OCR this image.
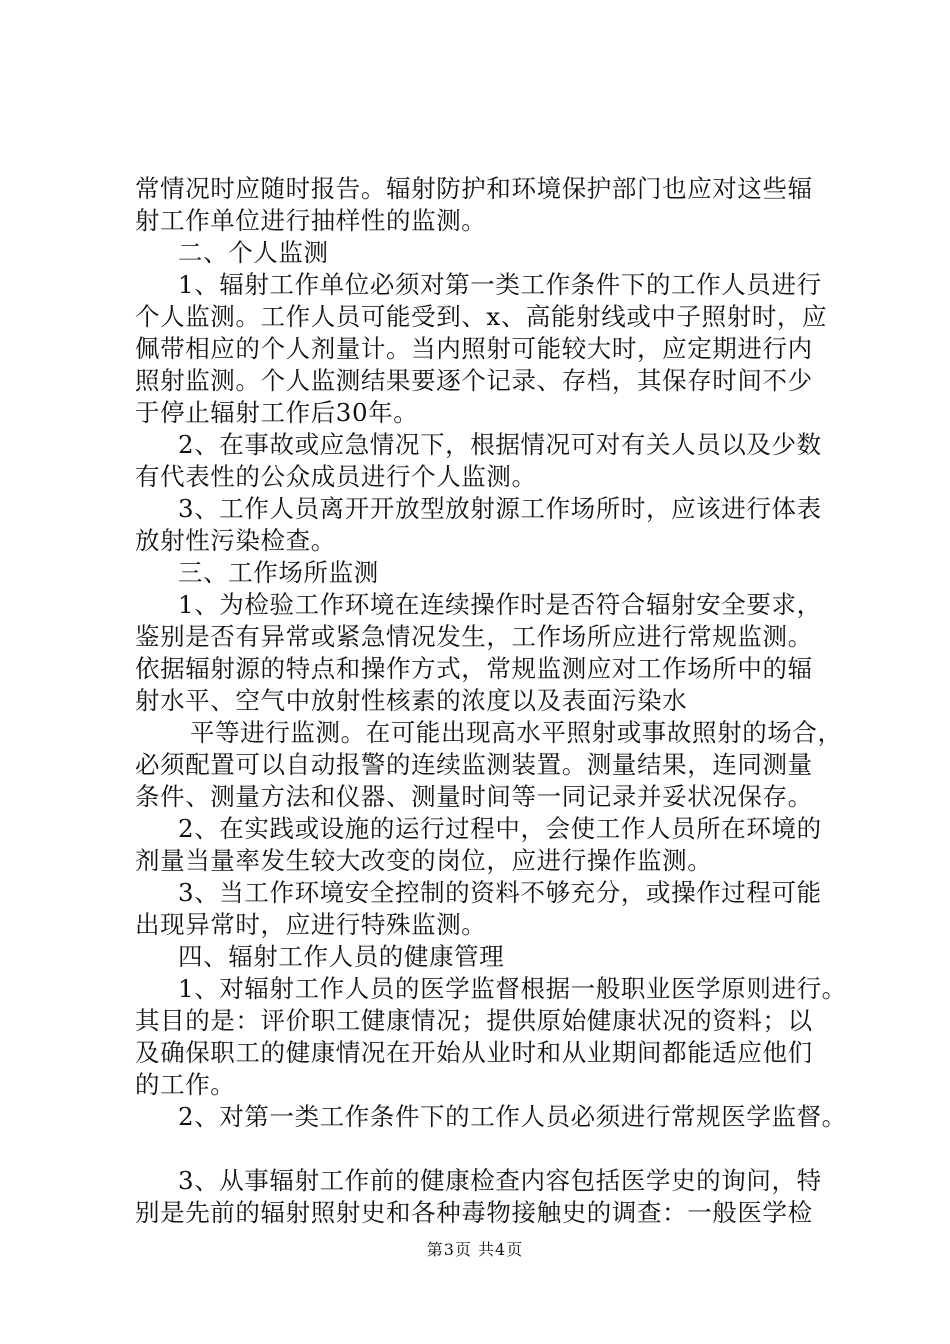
常情况时应随时报告。辐射防护和环境保护部门也应对这些辐
射工作单位进行抽样性的监测。
二、个人监测
1、辐射工作单位必须对第一类工作条件下的工作人员进行
个人监测。工作人员可能受到、x、高能射线或中子照射时，应
佩带相应的个人剂量计。当内照射可能较大时，应定期进行内
照射监测。个人监测结果要逐个记录、存档，其保存时间不少
于停止辐射工作后30年。
2、在事故或应急情况下，根据情况可对有关人员以及少数
有代表性的公众成员进行个人监测。
3、工作人员离开开放型放射源工作场所时，应该进行体表
放射性污染检查。
三、工作场所监测
1、为检验工作环境在连续操作时是否符合辐射安全要求，
鉴别是否有异常或紧急情况发生，工作场所应进行常规监测。
依据辐射源的特点和操作方式，常规监测应对工作场所中的辐
射水平、空气中放射性核素的浓度以及表面污染水
平等进行监测。在可能出现高水平照射或事故照射的场合，
必须配置可以自动报警的连续监测装置。测量结果，连同测量
条件、测量方法和仪器、测量时间等一同记录并妥状况保存。
2、在实践或设施的运行过程中，会使工作人员所在环境的
剂量当量率发生较大改变的岗位，应进行操作监测。
3、当工作环境安全控制的资料不够充分，或操作过程可能
出现异常时，应进行特殊监测。
四、辐射工作人员的健康管理
1、对辐射工作人员的医学监督根据一般职业医学原则进行。
其目的是：评价职工健康情况；提供原始健康状况的资料；以
及确保职工的健康情况在开始从业时和从业期间都能适应他们
的工作。
2、对第一类工作条件下的工作人员必须进行常规医学监督。
3、从事辐射工作前的健康检查内容包括医学史的询问，特
别是先前的辐射照射史和各种毒物接触史的调查：一般医学检
第3页 共4页
